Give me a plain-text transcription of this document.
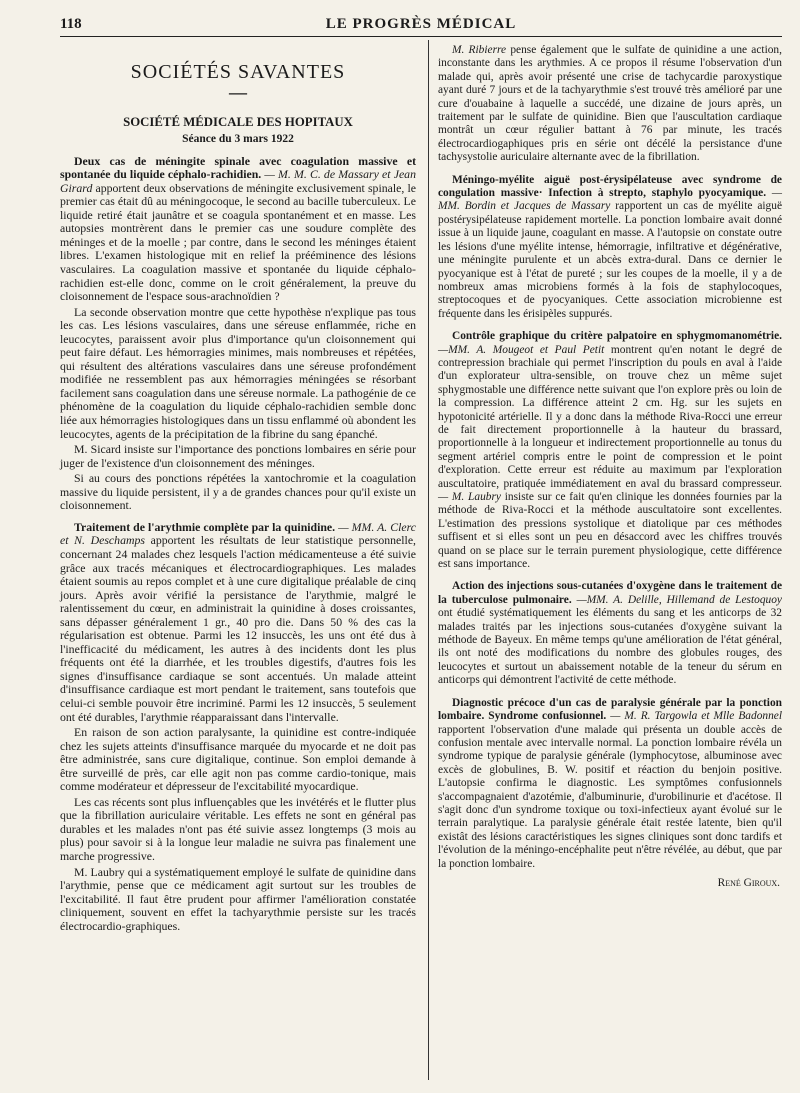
118	LE PROGRÈS MÉDICAL
SOCIÉTÉS SAVANTES
—
SOCIÉTÉ MÉDICALE DES HOPITAUX
Séance du 3 mars 1922

Deux cas de méningite spinale avec coagulation massive et spontanée du liquide céphalo-rachidien. — M. M. C. de Massary et Jean Girard apportent deux observations de méningite exclusivement spinale, le premier cas était dû au méningocoque, le second au bacille tuberculeux. Le liquide retiré était jaunâtre et se coagula spontanément et en masse. Les autopsies montrèrent dans le premier cas une soudure complète des méninges et de la moelle ; par contre, dans le second les méninges étaient libres. L'examen histologique mit en relief la prééminence des lésions vasculaires. La coagulation massive et spontanée du liquide céphalo-rachidien est-elle donc, comme on le croit généralement, la preuve du cloisonnement de l'espace sous-arachnoïdien ?

La seconde observation montre que cette hypothèse n'explique pas tous les cas. Les lésions vasculaires, dans une séreuse enflammée, riche en leucocytes, paraissent avoir plus d'importance qu'un cloisonnement qui peut faire défaut. Les hémorragies minimes, mais nombreuses et répétées, qui résultent des altérations vasculaires dans une séreuse profondément modifiée ne ressemblent pas aux hémorragies méningées se résorbant facilement sans coagulation dans une séreuse normale. La pathogénie de ce phénomène de la coagulation du liquide céphalo-rachidien semble donc liée aux hémorragies histologiques dans un tissu enflammé où abondent les leucocytes, agents de la précipitation de la fibrine du sang épanché.

M. Sicard insiste sur l'importance des ponctions lombaires en série pour juger de l'existence d'un cloisonnement des méninges.

Si au cours des ponctions répétées la xantochromie et la coagulation massive du liquide persistent, il y a de grandes chances pour qu'il existe un cloisonnement.

Traitement de l'arythmie complète par la quinidine. — MM. A. Clerc et N. Deschamps apportent les résultats de leur statistique personnelle, concernant 24 malades chez lesquels l'action médicamenteuse a été suivie grâce aux tracés mécaniques et électrocardiographiques. Les malades étaient soumis au repos complet et à une cure digitalique préalable de cinq jours. Après avoir vérifié la persistance de l'arythmie, malgré le ralentissement du cœur, en administrait la quinidine à doses croissantes, sans dépasser généralement 1 gr., 40 pro die. Dans 50 % des cas la régularisation est obtenue. Parmi les 12 insuccès, les uns ont été dus à l'inefficacité du médicament, les autres à des incidents dont les plus fréquents ont été la diarrhée, et les troubles digestifs, d'autres fois les signes d'insuffisance cardiaque se sont accentués. Un malade atteint d'insuffisance cardiaque est mort pendant le traitement, sans toutefois que celui-ci semble pouvoir être incriminé. Parmi les 12 insuccès, 5 seulement ont été durables, l'arythmie réapparaissant dans l'intervalle.

En raison de son action paralysante, la quinidine est contre-indiquée chez les sujets atteints d'insuffisance marquée du myocarde et ne doit pas être administrée, sans cure digitalique, continue. Son emploi demande à être surveillé de près, car elle agit non pas comme cardio-tonique, mais comme modérateur et dépresseur de l'excitabilité myocardique.

Les cas récents sont plus influençables que les invétérés et le flutter plus que la fibrillation auriculaire véritable. Les effets ne sont en général pas durables et les malades n'ont pas été suivie assez longtemps (3 mois au plus) pour savoir si à la longue leur maladie ne suivra pas finalement une marche progressive.

M. Laubry qui a systématiquement employé le sulfate de quinidine dans l'arythmie, pense que ce médicament agit surtout sur les troubles de l'excitabilité. Il faut être prudent pour affirmer l'amélioration constatée cliniquement, souvent en effet la tachyarythmie persiste sur les tracés électrocardio-graphiques.

M. Ribierre pense également que le sulfate de quinidine a une action, inconstante dans les arythmies. A ce propos il résume l'observation d'un malade qui, après avoir présenté une crise de tachycardie paroxystique ayant duré 7 jours et de la tachyarythmie s'est trouvé très amélioré par une cure d'ouabaine à laquelle a succédé, une dizaine de jours après, un traitement par le sulfate de quinidine. Bien que l'auscultation cardiaque montrât un cœur régulier battant à 76 par minute, les tracés électrocardiogaphiques pris en série ont décélé la persistance d'une tachysystolie auriculaire alternante avec de la fibrillation.

Méningo-myélite aiguë post-érysipélateuse avec syndrome de congulation massive· Infection à strepto, staphylo pyocyamique. — MM. Bordin et Jacques de Massary rapportent un cas de myélite aiguë postérysipélateuse rapidement mortelle. La ponction lombaire avait donné issue à un liquide jaune, coagulant en masse. A l'autopsie on constate outre les lésions d'une myélite intense, hémorragie, infiltrative et dégénérative, une méningite purulente et un abcès extra-dural. Dans ce dernier le pyocyanique est à l'état de pureté ; sur les coupes de la moelle, il y a de nombreux amas microbiens formés à la fois de staphylocoques, streptocoques et de pyocyaniques. Cette association microbienne est fréquente dans les érisipèles suppurés.

Contrôle graphique du critère palpatoire en sphygmomanométrie. —MM. A. Mougeot et Paul Petit montrent qu'en notant le degré de contrepression brachiale qui permet l'inscription du pouls en aval à l'aide d'un explorateur ultra-sensible, on trouve chez un même sujet sphygmostable une différence nette suivant que l'on explore près ou loin de la compression. La différence atteint 2 cm. Hg. sur les sujets en hypotonicité artérielle. Il y a donc dans la méthode Riva-Rocci une erreur de fait directement proportionnelle à la hauteur du brassard, proportionnelle à la longueur et indirectement proportionnelle au tonus du segment artériel compris entre le point de compression et le point d'exploration. Cette erreur est réduite au maximum par l'exploration auscultatoire, pratiquée immédiatement en aval du brassard compresseur. — M. Laubry insiste sur ce fait qu'en clinique les données fournies par la méthode de Riva-Rocci et la méthode auscultatoire sont excellentes. L'estimation des pressions systolique et diatolique par ces méthodes suffisent et si elles sont un peu en désaccord avec les chiffres trouvés quand on se place sur le terrain purement physiologique, cette différence est sans importance.

Action des injections sous-cutanées d'oxygène dans le traitement de la tuberculose pulmonaire. —MM. A. Delille, Hillemand de Lestoquoy ont étudié systématiquement les éléments du sang et les anticorps de 32 malades traités par les injections sous-cutanées d'oxygène suivant la méthode de Bayeux. En même temps qu'une amélioration de l'état général, ils ont noté des modifications du nombre des globules rouges, des leucocytes et surtout un abaissement notable de la teneur du sérum en anticorps qui démontrent l'activité de cette méthode.

Diagnostic précoce d'un cas de paralysie générale par la ponction lombaire. Syndrome confusionnel. — M. R. Targowla et Mlle Badonnel rapportent l'observation d'une malade qui présenta un double accès de confusion mentale avec intervalle normal. La ponction lombaire révéla un syndrome typique de paralysie générale (lymphocytose, albuminose avec excès de globulines, B. W. positif et réaction du benjoin positive. L'autopsie confirma le diagnostic. Les symptômes confusionnels s'accompagnaient d'azotémie, d'albuminurie, d'urobilinurie et d'acétose. Il s'agit donc d'un syndrome toxique ou toxi-infectieux ayant évolué sur le terrain paralytique. La paralysie générale était restée latente, bien qu'il existât des lésions caractéristiques les signes cliniques sont donc tardifs et l'évolution de la méningo-encéphalite peut n'être révélée, au début, que par la ponction lombaire.

René Giroux.
